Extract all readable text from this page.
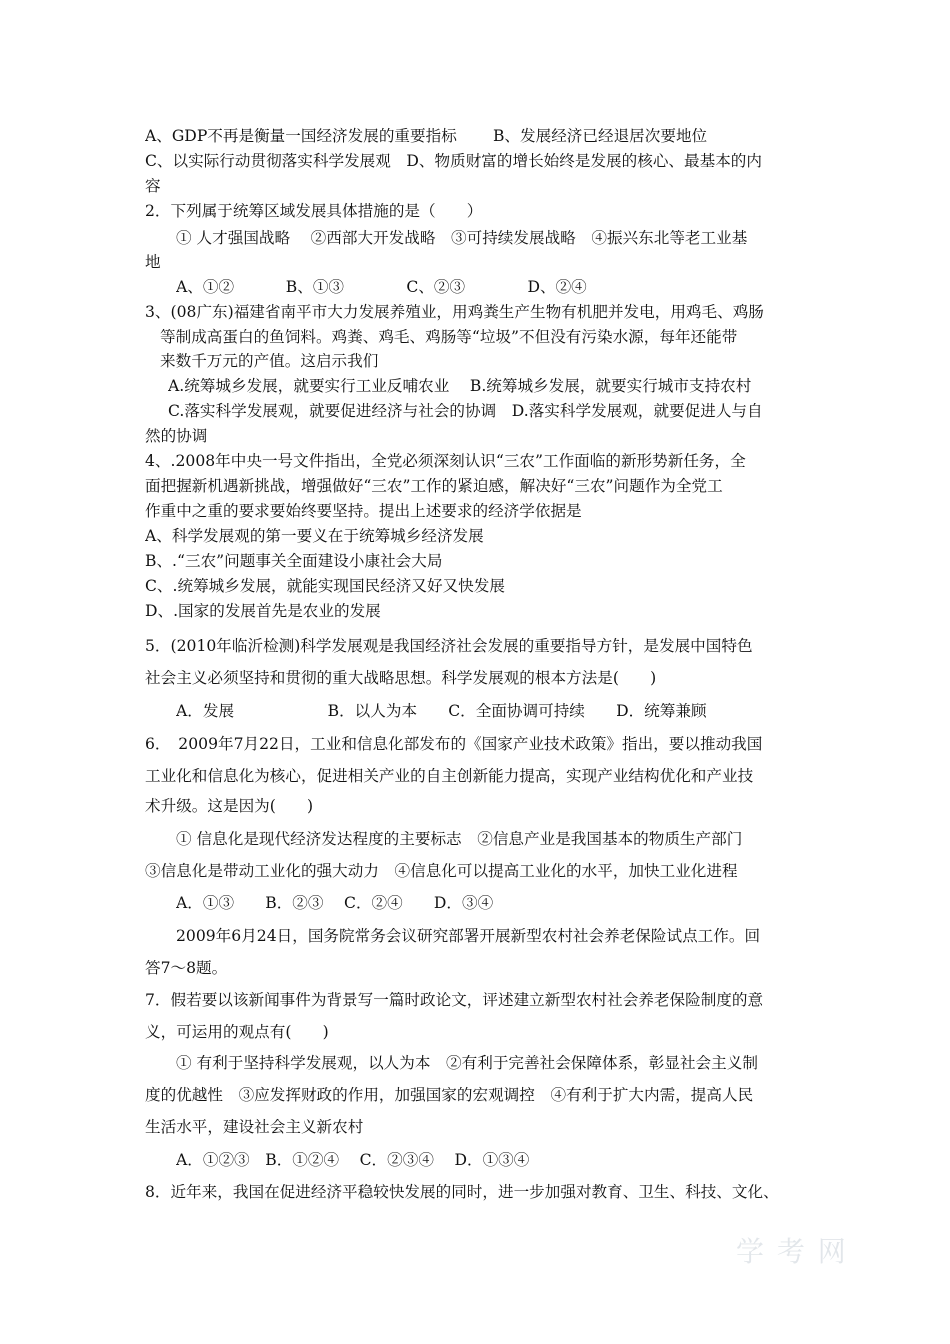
A、GDP不再是衡量一国经济发展的重要指标　　 B、发展经济已经退居次要地位
C、以实际行动贯彻落实科学发展观　D、物质财富的增长始终是发展的核心、最基本的内
容
2．下列属于统筹区域发展具体措施的是（　　）
① 人才强国战略　 ②西部大开发战略　③可持续发展战略　④振兴东北等老工业基
地
A、①②　　　 B、①③　　　　C、②③　　　　D、②④
3、(08广东)福建省南平市大力发展养殖业，用鸡粪生产生物有机肥并发电，用鸡毛、鸡肠
等制成高蛋白的鱼饲料。鸡粪、鸡毛、鸡肠等“垃圾”不但没有污染水源，每年还能带
来数千万元的产值。这启示我们
A.统筹城乡发展，就要实行工业反哺农业　 B.统筹城乡发展，就要实行城市支持农村
C.落实科学发展观，就要促进经济与社会的协调　D.落实科学发展观，就要促进人与自
然的协调
4、.2008年中央一号文件指出，全党必须深刻认识“三农”工作面临的新形势新任务，全
面把握新机遇新挑战，增强做好“三农”工作的紧迫感，解决好“三农”问题作为全党工
作重中之重的要求要始终要坚持。提出上述要求的经济学依据是
A、科学发展观的第一要义在于统筹城乡经济发展
B、.“三农”问题事关全面建设小康社会大局
C、.统筹城乡发展，就能实现国民经济又好又快发展
D、.国家的发展首先是农业的发展
5．(2010年临沂检测)科学发展观是我国经济社会发展的重要指导方针，是发展中国特色
社会主义必须坚持和贯彻的重大战略思想。科学发展观的根本方法是(　　)
A．发展　　　　　　B．以人为本　　C．全面协调可持续　　D．统筹兼顾
6．　2009年7月22日，工业和信息化部发布的《国家产业技术政策》指出，要以推动我国
工业化和信息化为核心，促进相关产业的自主创新能力提高，实现产业结构优化和产业技
术升级。这是因为(　　)
① 信息化是现代经济发达程度的主要标志　②信息产业是我国基本的物质生产部门
③信息化是带动工业化的强大动力　④信息化可以提高工业化的水平，加快工业化进程
A．①③　　B．②③　 C．②④　　D．③④
2009年6月24日，国务院常务会议研究部署开展新型农村社会养老保险试点工作。回
答7～8题。
7．假若要以该新闻事件为背景写一篇时政论文，评述建立新型农村社会养老保险制度的意
义，可运用的观点有(　　)
① 有利于坚持科学发展观，以人为本　②有利于完善社会保障体系，彰显社会主义制
度的优越性　③应发挥财政的作用，加强国家的宏观调控　④有利于扩大内需，提高人民
生活水平，建设社会主义新农村
A．①②③　B．①②④　 C．②③④　 D．①③④
8．近年来，我国在促进经济平稳较快发展的同时，进一步加强对教育、卫生、科技、文化、
学 考 网
